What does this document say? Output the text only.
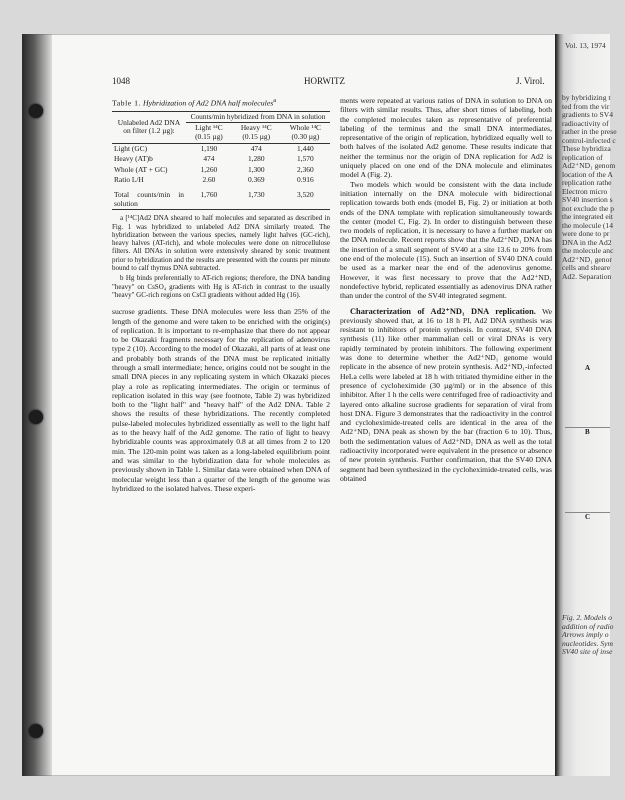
1048	HORWITZ	J. Virol.
Table 1. Hybridization of Ad2 DNA half molecules$^a$
Unlabeled Ad2 DNA on filter (1.2 µg):	Counts/min hybridized from DNA in solution		
	Light ¹⁴C (0.15 µg)	Heavy ¹⁴C (0.15 µg)	Whole ¹⁴C (0.30 µg)
Light (GC)	1,190	474	1,440
Heavy (AT)b	474	1,280	1,570
Whole (AT + GC)	1,260	1,300	2,360
Ratio L/H	2.60	0.369	0.916
Total counts/min in solution	1,760	1,730	3,520

a [¹⁴C]Ad2 DNA sheared to half molecules and separated as described in Fig. 1 was hybridized to unlabeled Ad2 DNA similarly treated. The hybridization between the various species, namely light halves (GC-rich), heavy halves (AT-rich), and whole molecules were done on nitrocellulose filters. All DNAs in solution were extensively sheared by sonic treatment prior to hybridization and the results are presented with the counts per minute bound to calf thymus DNA subtracted.

b Hg binds preferentially to AT-rich regions; therefore, the DNA banding "heavy" on CsSO₄ gradients with Hg is AT-rich in contrast to the usually "heavy" GC-rich regions on CsCl gradients without added Hg (16).

sucrose gradients. These DNA molecules were less than 25% of the length of the genome and were taken to be enriched with the origin(s) of replication. It is important to re-emphasize that there do not appear to be Okazaki fragments necessary for the replication of adenovirus type 2 (10). According to the model of Okazaki, all parts of at least one and probably both strands of the DNA must be replicated initially through a small intermediate; hence, origins could not be sought in the small DNA pieces in any replicating system in which Okazaki pieces play a role as replicating intermediates. The origin or terminus of replication isolated in this way (see footnote, Table 2) was hybridized both to the "light half" and "heavy half" of the Ad2 DNA. Table 2 shows the results of these hybridizations. The recently completed pulse-labeled molecules hybridized essentially as well to the light half as to the heavy half of the Ad2 genome. The ratio of light to heavy hybridizable counts was approximately 0.8 at all times from 2 to 120 min. The 120-min point was taken as a long-labeled equilibrium point and was similar to the hybridization data for whole molecules as previously shown in Table 1. Similar data were obtained when DNA of molecular weight less than a quarter of the length of the genome was hybridized to the isolated halves. These experi-

ments were repeated at various ratios of DNA in solution to DNA on filters with similar results. Thus, after short times of labeling, both the completed molecules taken as representative of preferential labeling of the terminus and the small DNA intermediates, representative of the origin of replication, hybridized equally well to both halves of the isolated Ad2 genome. These results indicate that neither the terminus nor the origin of DNA replication for Ad2 is uniquely placed on one end of the DNA molecule and eliminates model A (Fig. 2).

Two models which would be consistent with the data include initiation internally on the DNA molecule with bidirectional replication towards both ends (model B, Fig. 2) or initiation at both ends of the DNA template with replication simultaneously towards the center (model C, Fig. 2). In order to distinguish between these two models of replication, it is necessary to have a further marker on the DNA molecule. Recent reports show that the Ad2⁺ND₁ DNA has the insertion of a small segment of SV40 at a site 13.6 to 20% from one end of the molecule (15). Such an insertion of SV40 DNA could be used as a marker near the end of the adenovirus genome. However, it was first necessary to prove that the Ad2⁺ND₁ nondefective hybrid, replicated essentially as adenovirus DNA rather than under the control of the SV40 integrated segment.

Characterization of Ad2⁺ND₁ DNA replication. We previously showed that, at 16 to 18 h PI, Ad2 DNA synthesis was resistant to inhibitors of protein synthesis. In contrast, SV40 DNA synthesis (11) like other mammalian cell or viral DNAs is very rapidly terminated by protein inhibitors. The following experiment was done to determine whether the Ad2⁺ND₁ genome would replicate in the absence of new protein synthesis. Ad2⁺ND₁-infected HeLa cells were labeled at 18 h with tritiated thymidine either in the presence of cycloheximide (30 µg/ml) or in the absence of this inhibitor. After 1 h the cells were centrifuged free of radioactivity and layered onto alkaline sucrose gradients for separation of viral from host DNA. Figure 3 demonstrates that the radioactivity in the control and cycloheximide-treated cells are identical in the area of the Ad2⁺ND₁ DNA peak as shown by the bar (fraction 6 to 10). Thus, both the sedimentation values of Ad2⁺ND₁ DNA as well as the total radioactivity incorporated were equivalent in the presence or absence of new protein synthesis. Further confirmation, that the SV40 DNA segment had been synthesized in the cycloheximide-treated cells, was obtained

Vol. 13, 1974
by hybridizing t
ted from the vir
gradients to SV4
radioactivity of
rather in the prese
control-infected c
These hybridiza
replication of
Ad2⁺ND₁ genom
location of the A
replication rathe
Electron micro
SV40 insertion s
not exclude the p
the integrated eit
the molecule (14
were done to pr
DNA in the Ad2
the molecule anc
Ad2⁺ND₁ genor
cells and sheare
Ad2. Separation
A
B
C
Fig. 2. Models o
addition of radio
Arrows imply o
nucleotides. Sym
SV40 site of inse
